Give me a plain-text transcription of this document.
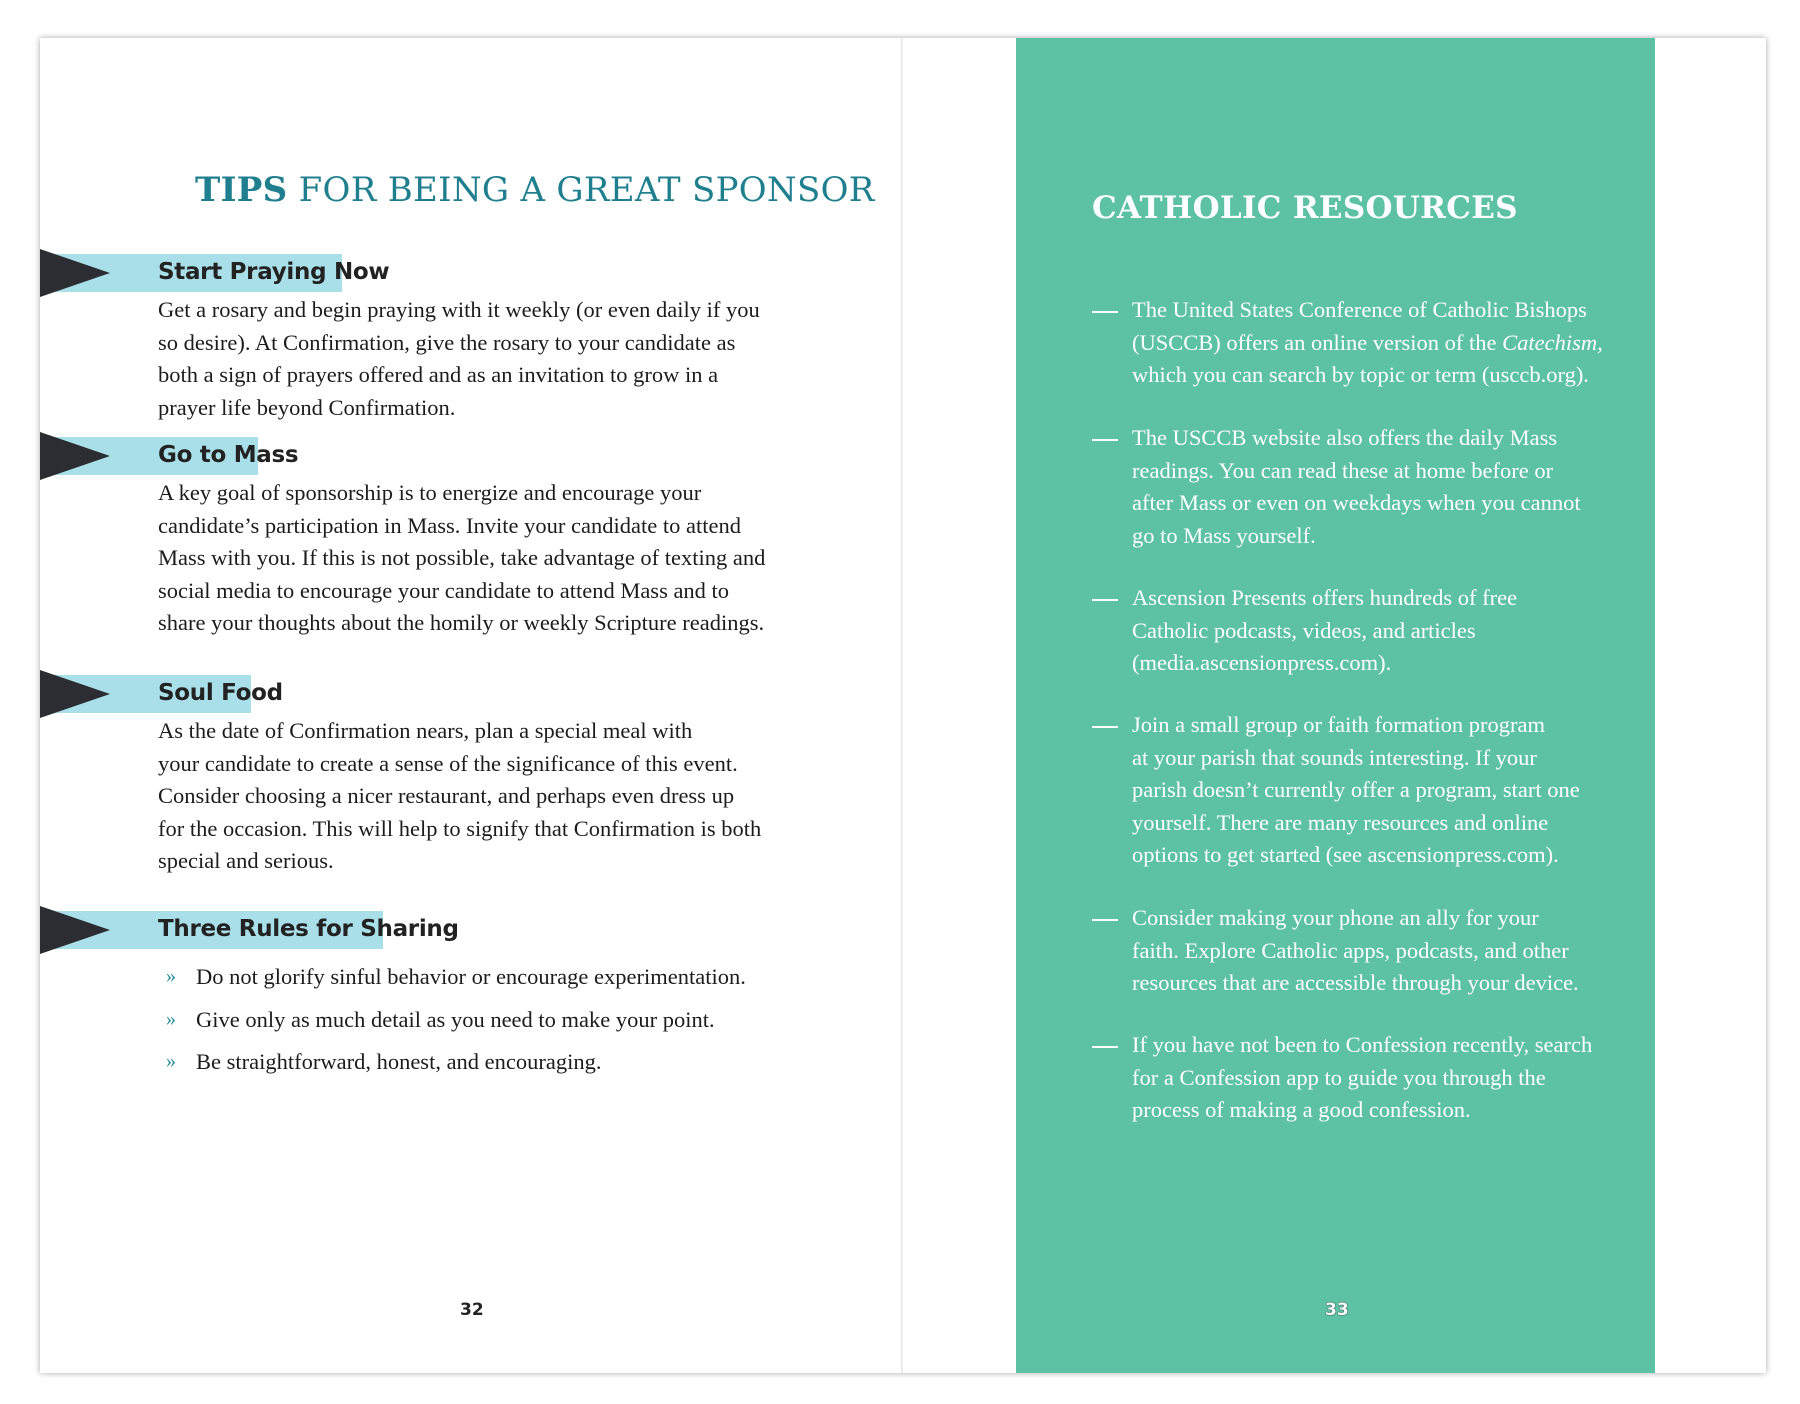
TIPS FOR BEING A GREAT SPONSOR
Start Praying Now
Get a rosary and begin praying with it weekly (or even daily if you
so desire). At Confirmation, give the rosary to your candidate as
both a sign of prayers offered and as an invitation to grow in a
prayer life beyond Confirmation.
Go to Mass
A key goal of sponsorship is to energize and encourage your
candidate’s participation in Mass. Invite your candidate to attend
Mass with you. If this is not possible, take advantage of texting and
social media to encourage your candidate to attend Mass and to
share your thoughts about the homily or weekly Scripture readings.
Soul Food
As the date of Confirmation nears, plan a special meal with
your candidate to create a sense of the significance of this event.
Consider choosing a nicer restaurant, and perhaps even dress up
for the occasion. This will help to signify that Confirmation is both
special and serious.
Three Rules for Sharing
» Do not glorify sinful behavior or encourage experimentation.
» Give only as much detail as you need to make your point.
» Be straightforward, honest, and encouraging.
32
CATHOLIC RESOURCES
The United States Conference of Catholic Bishops
(USCCB) offers an online version of the Catechism,
which you can search by topic or term (usccb.org).
The USCCB website also offers the daily Mass
readings. You can read these at home before or
after Mass or even on weekdays when you cannot
go to Mass yourself.
Ascension Presents offers hundreds of free
Catholic podcasts, videos, and articles
(media.ascensionpress.com).
Join a small group or faith formation program
at your parish that sounds interesting. If your
parish doesn’t currently offer a program, start one
yourself. There are many resources and online
options to get started (see ascensionpress.com).
Consider making your phone an ally for your
faith. Explore Catholic apps, podcasts, and other
resources that are accessible through your device.
If you have not been to Confession recently, search
for a Confession app to guide you through the
process of making a good confession.
33
